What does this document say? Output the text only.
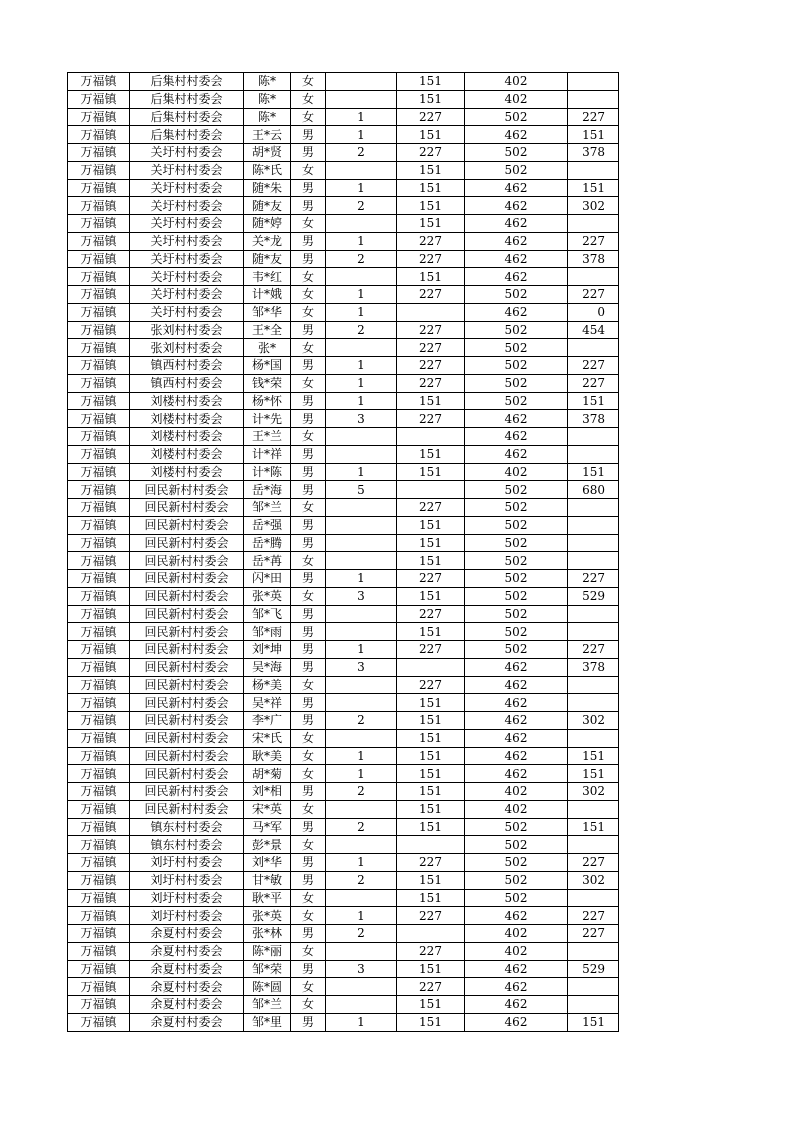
万福镇	后集村村委会	陈*	女		151	402	
万福镇	后集村村委会	陈*	女		151	402	
万福镇	后集村村委会	陈*	女	1	227	502	227
万福镇	后集村村委会	王*云	男	1	151	462	151
万福镇	关圩村村委会	胡*贤	男	2	227	502	378
万福镇	关圩村村委会	陈*氏	女		151	502	
万福镇	关圩村村委会	随*朱	男	1	151	462	151
万福镇	关圩村村委会	随*友	男	2	151	462	302
万福镇	关圩村村委会	随*婷	女		151	462	
万福镇	关圩村村委会	关*龙	男	1	227	462	227
万福镇	关圩村村委会	随*友	男	2	227	462	378
万福镇	关圩村村委会	韦*红	女		151	462	
万福镇	关圩村村委会	计*娥	女	1	227	502	227
万福镇	关圩村村委会	邹*华	女	1		462	0
万福镇	张刘村村委会	王*全	男	2	227	502	454
万福镇	张刘村村委会	张*	女		227	502	
万福镇	镇西村村委会	杨*国	男	1	227	502	227
万福镇	镇西村村委会	钱*荣	女	1	227	502	227
万福镇	刘楼村村委会	杨*怀	男	1	151	502	151
万福镇	刘楼村村委会	计*先	男	3	227	462	378
万福镇	刘楼村村委会	王*兰	女			462	
万福镇	刘楼村村委会	计*祥	男		151	462	
万福镇	刘楼村村委会	计*陈	男	1	151	402	151
万福镇	回民新村村委会	岳*海	男	5		502	680
万福镇	回民新村村委会	邹*兰	女		227	502	
万福镇	回民新村村委会	岳*强	男		151	502	
万福镇	回民新村村委会	岳*腾	男		151	502	
万福镇	回民新村村委会	岳*苒	女		151	502	
万福镇	回民新村村委会	闪*田	男	1	227	502	227
万福镇	回民新村村委会	张*英	女	3	151	502	529
万福镇	回民新村村委会	邹*飞	男		227	502	
万福镇	回民新村村委会	邹*雨	男		151	502	
万福镇	回民新村村委会	刘*坤	男	1	227	502	227
万福镇	回民新村村委会	吴*海	男	3		462	378
万福镇	回民新村村委会	杨*美	女		227	462	
万福镇	回民新村村委会	吴*祥	男		151	462	
万福镇	回民新村村委会	李*广	男	2	151	462	302
万福镇	回民新村村委会	宋*氏	女		151	462	
万福镇	回民新村村委会	耿*美	女	1	151	462	151
万福镇	回民新村村委会	胡*菊	女	1	151	462	151
万福镇	回民新村村委会	刘*相	男	2	151	402	302
万福镇	回民新村村委会	宋*英	女		151	402	
万福镇	镇东村村委会	马*军	男	2	151	502	151
万福镇	镇东村村委会	彭*景	女			502	
万福镇	刘圩村村委会	刘*华	男	1	227	502	227
万福镇	刘圩村村委会	甘*敏	男	2	151	502	302
万福镇	刘圩村村委会	耿*平	女		151	502	
万福镇	刘圩村村委会	张*英	女	1	227	462	227
万福镇	余夏村村委会	张*林	男	2		402	227
万福镇	余夏村村委会	陈*丽	女		227	402	
万福镇	余夏村村委会	邹*荣	男	3	151	462	529
万福镇	余夏村村委会	陈*圆	女		227	462	
万福镇	余夏村村委会	邹*兰	女		151	462	
万福镇	余夏村村委会	邹*里	男	1	151	462	151
